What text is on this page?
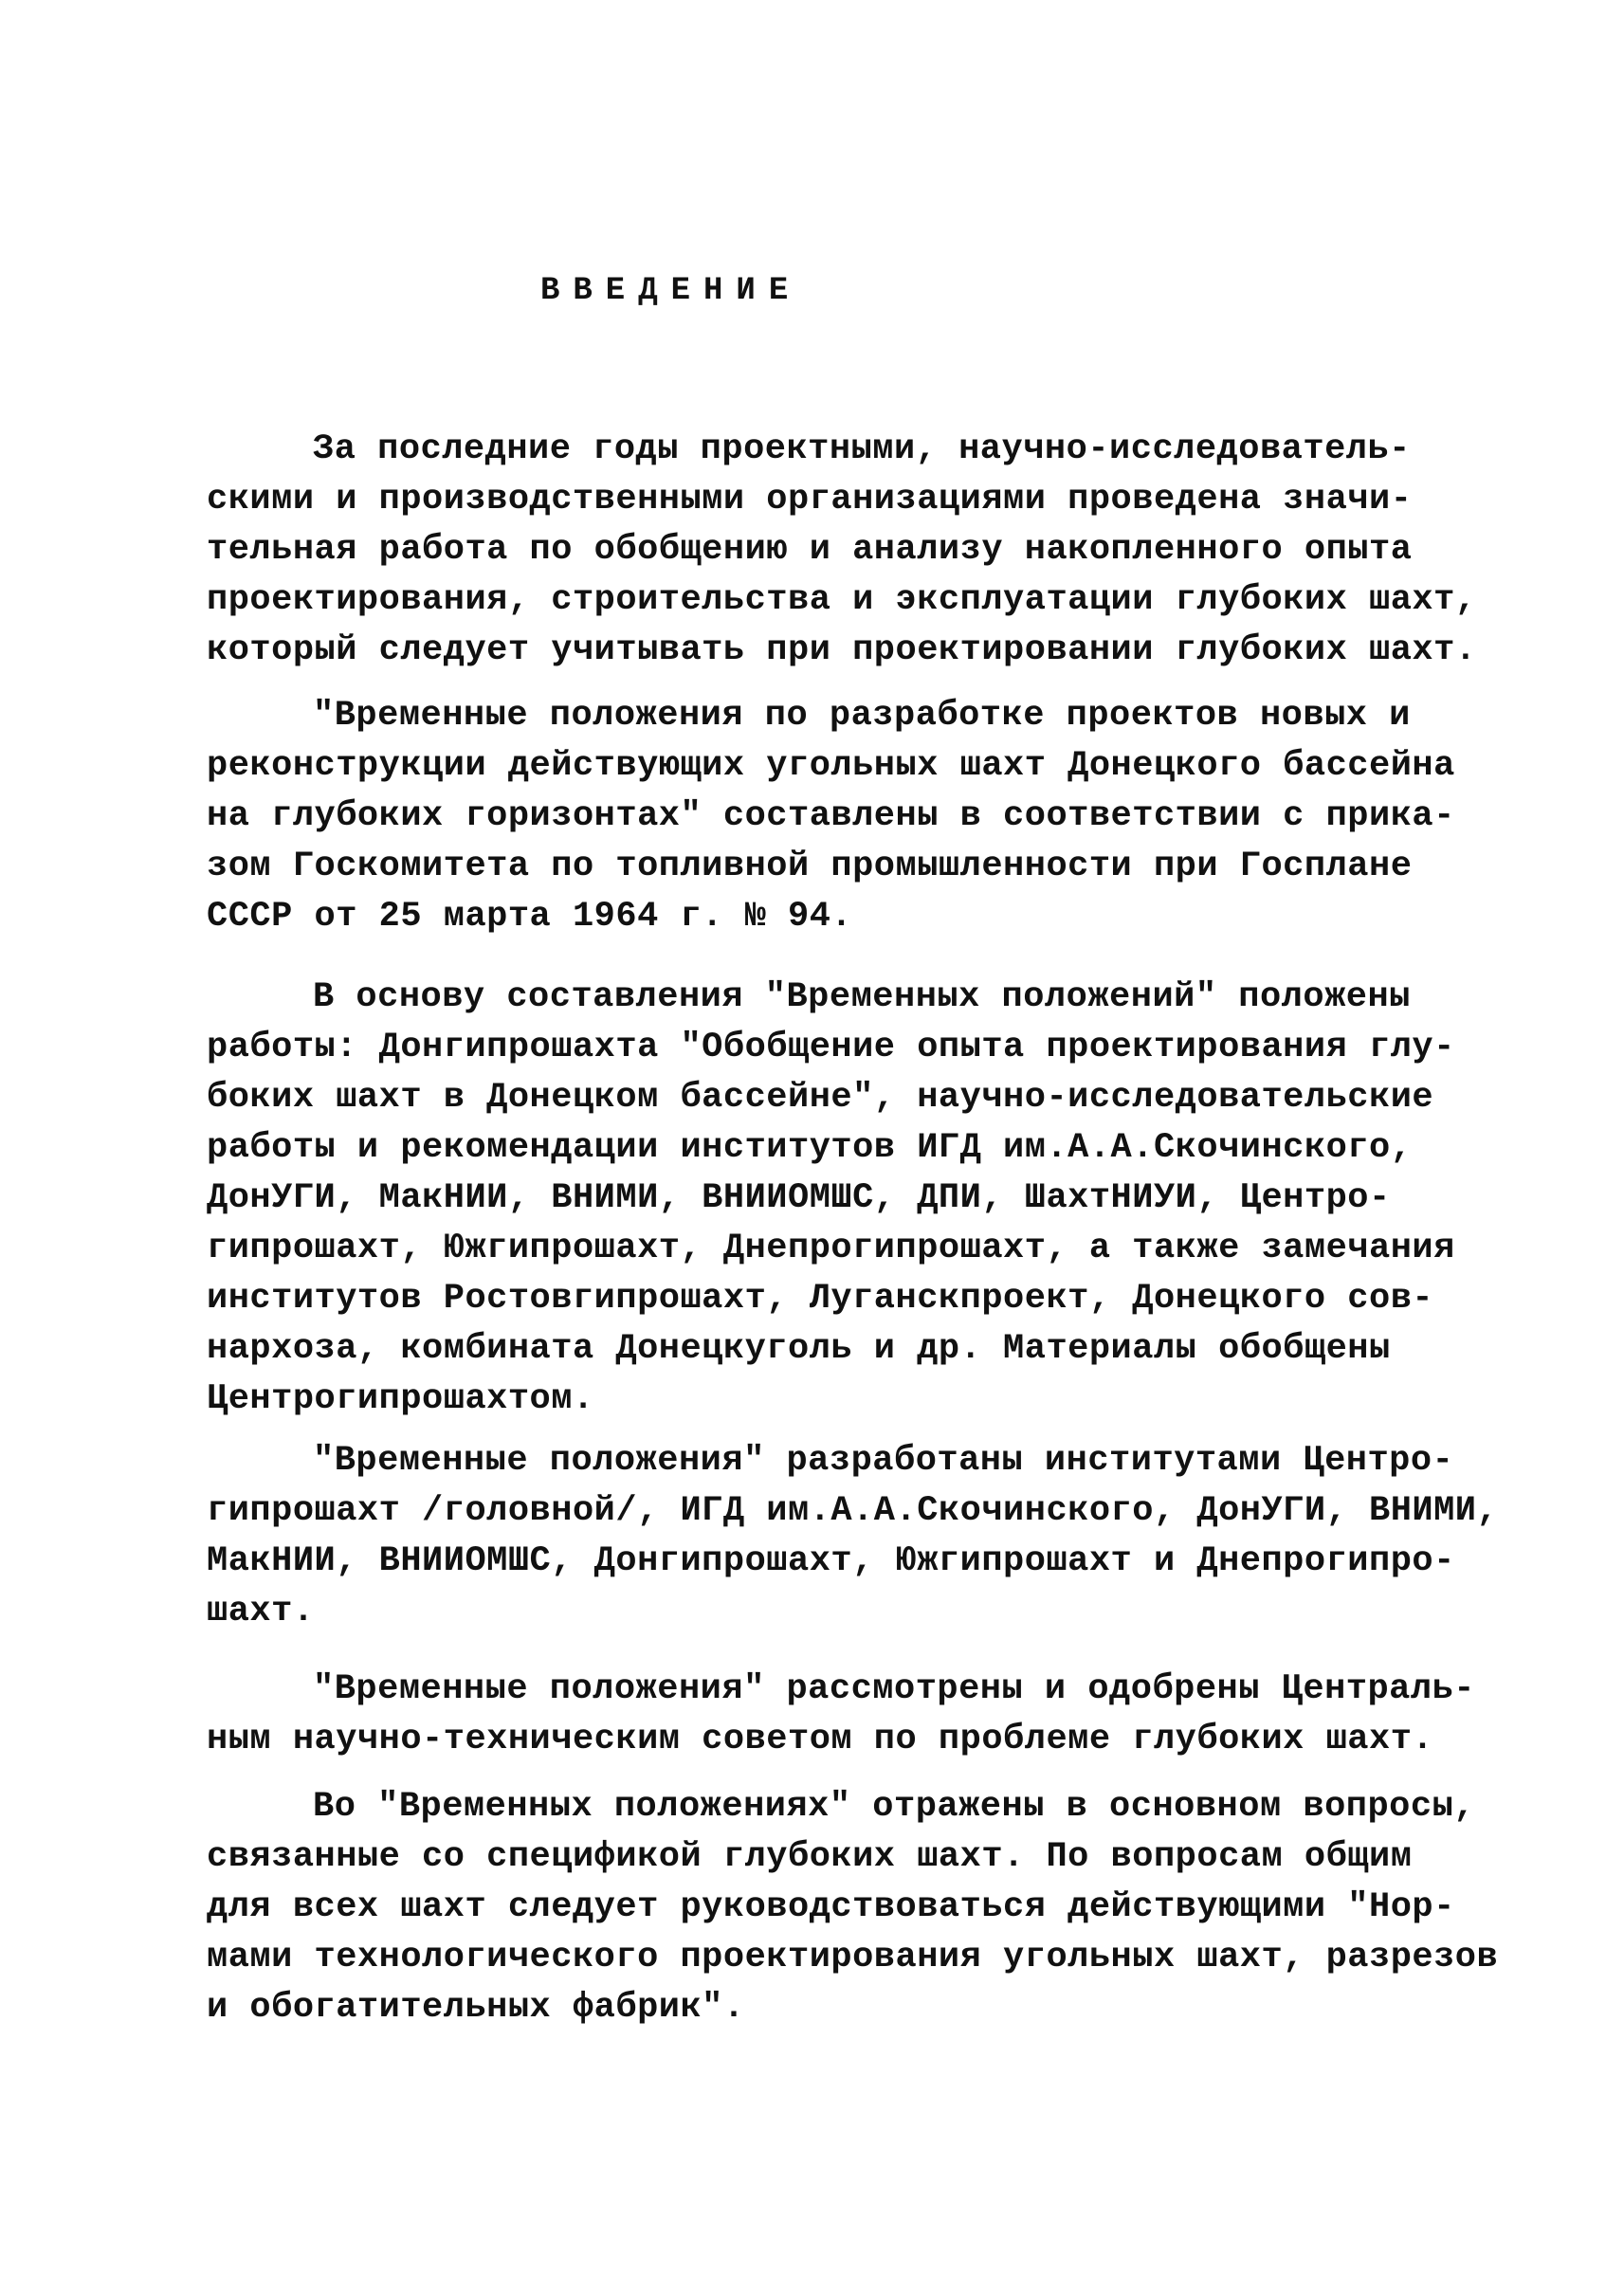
ВВЕДЕНИЕ
За последние годы проектными, научно-исследователь-
скими и производственными организациями проведена значи-
тельная работа по обобщению и анализу накопленного опыта
проектирования, строительства и эксплуатации глубоких шахт,
который следует учитывать при проектировании глубоких шахт.
"Временные положения по разработке проектов новых и
реконструкции действующих угольных шахт Донецкого бассейна
на глубоких горизонтах" составлены в соответствии с прика-
зом Госкомитета по топливной промышленности при Госплане
СССР от 25 марта 1964 г. № 94.
В основу составления "Временных положений" положены
работы: Донгипрошахта "Обобщение опыта проектирования глу-
боких шахт в Донецком бассейне", научно-исследовательские
работы и рекомендации институтов ИГД им.А.А.Скочинского,
ДонУГИ, МакНИИ, ВНИМИ, ВНИИОМШС, ДПИ, ШахтНИУИ, Центро-
гипрошахт, Южгипрошахт, Днепрогипрошахт, а также замечания
институтов Ростовгипрошахт, Луганскпроект, Донецкого сов-
нархоза, комбината Донецкуголь и др. Материалы обобщены
Центрогипрошахтом.
"Временные положения" разработаны институтами Центро-
гипрошахт /головной/, ИГД им.А.А.Скочинского, ДонУГИ, ВНИМИ,
МакНИИ, ВНИИОМШС, Донгипрошахт, Южгипрошахт и Днепрогипро-
шахт.
"Временные положения" рассмотрены и одобрены Централь-
ным научно-техническим советом по проблеме глубоких шахт.
Во "Временных положениях" отражены в основном вопросы,
связанные со спецификой глубоких шахт. По вопросам общим
для всех шахт следует руководствоваться действующими "Нор-
мами технологического проектирования угольных шахт, разрезов
и обогатительных фабрик".
